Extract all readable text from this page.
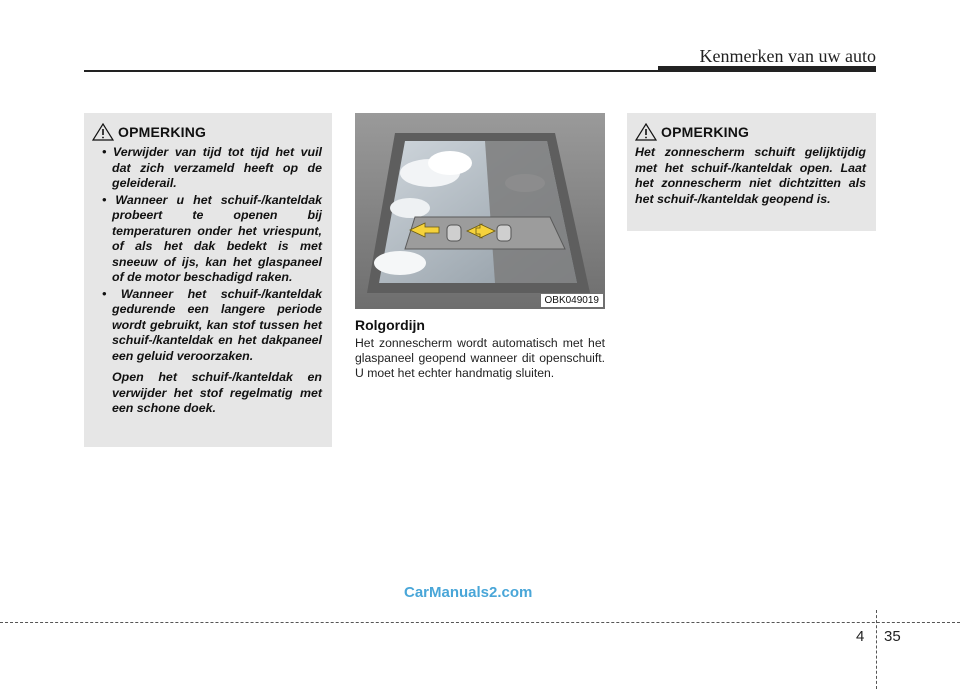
Kenmerken van uw auto
OPMERKING
• Verwijder van tijd tot tijd het vuil dat zich verzameld heeft op de geleiderail.
• Wanneer u het schuif-/kanteldak probeert te openen bij temperaturen onder het vriespunt, of als het dak bedekt is met sneeuw of ijs, kan het glaspaneel of de motor beschadigd raken.
• Wanneer het schuif-/kanteldak gedurende een langere periode wordt gebruikt, kan stof tussen het schuif-/kanteldak en het dakpaneel een geluid veroorzaken.
Open het schuif-/kanteldak en verwijder het stof regelmatig met een schone doek.
OBK049019
Rolgordijn
Het zonnescherm wordt automatisch met het glaspaneel geopend wanneer dit openschuift. U moet het echter handmatig sluiten.
OPMERKING

Het zonnescherm schuift gelijktijdig met het schuif-/kanteldak open. Laat het zonnescherm niet dichtzitten als het schuif-/kanteldak geopend is.

CarManuals2.com
4 35
